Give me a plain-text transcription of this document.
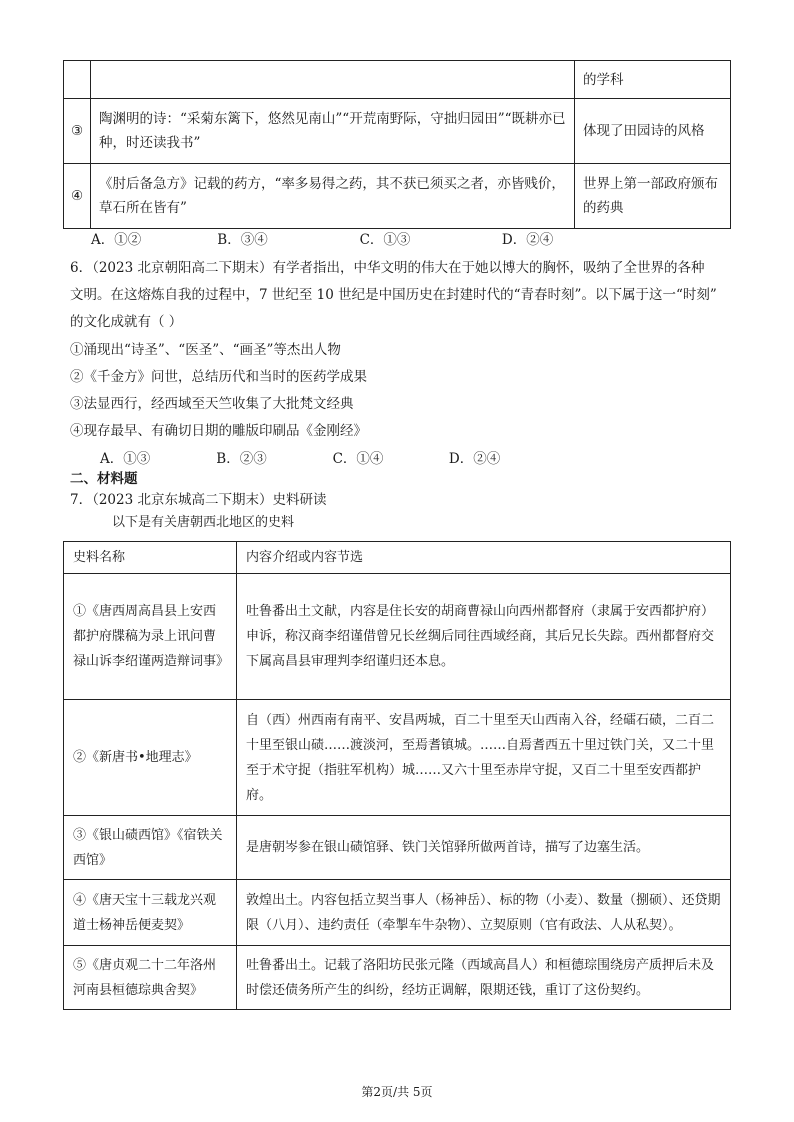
		的学科
③	陶渊明的诗：“采菊东篱下，悠然见南山”“开荒南野际，守拙归园田”“既耕亦已种，时还读我书”	体现了田园诗的风格
④	《肘后备急方》记载的药方，“率多易得之药，其不获已须买之者，亦皆贱价，草石所在皆有”	世界上第一部政府颁布的药典
A．①②	B．③④	C．①③	D．②④
6．（2023 北京朝阳高二下期末）有学者指出，中华文明的伟大在于她以博大的胸怀，吸纳了全世界的各种
文明。在这熔炼自我的过程中，7 世纪至 10 世纪是中国历史在封建时代的“青春时刻”。以下属于这一“时刻”
的文化成就有（ ）
①涌现出“诗圣”、“医圣”、“画圣”等杰出人物
②《千金方》问世，总结历代和当时的医药学成果
③法显西行，经西域至天竺收集了大批梵文经典
④现存最早、有确切日期的雕版印刷品《金刚经》
A．①③	B．②③	C．①④	D．②④
二、材料题
7．（2023 北京东城高二下期末）史料研读
以下是有关唐朝西北地区的史料
史料名称	内容介绍或内容节选
①《唐西周高昌县上安西都护府牒稿为录上讯问曹禄山诉李绍谨两造辩词事》	吐鲁番出土文献，内容是住长安的胡商曹禄山向西州都督府（隶属于安西都护府）申诉，称汉商李绍谨借曾兄长丝绸后同往西域经商，其后兄长失踪。西州都督府交下属高昌县审理判李绍谨归还本息。
②《新唐书•地理志》	自（西）州西南有南平、安昌两城，百二十里至天山西南入谷，经礌石碛，二百二十里至银山碛……渡淡河，至焉耆镇城。……自焉耆西五十里过铁门关，又二十里至于术守捉（指驻军机构）城……又六十里至赤岸守捉，又百二十里至安西都护府。
③《银山碛西馆》《宿铁关西馆》	是唐朝岑参在银山碛馆驿、铁门关馆驿所做两首诗，描写了边塞生活。
④《唐天宝十三载龙兴观道士杨神岳便麦契》	敦煌出土。内容包括立契当事人（杨神岳）、标的物（小麦）、数量（捌硕）、还贷期限（八月）、违约责任（牵掣车牛杂物）、立契原则（官有政法、人从私契）。
⑤《唐贞观二十二年洛州河南县桓德琮典舍契》	吐鲁番出土。记载了洛阳坊民张元隆（西域高昌人）和桓德琮围绕房产质押后未及时偿还债务所产生的纠纷，经坊正调解，限期还钱，重订了这份契约。
第2页/共 5页
